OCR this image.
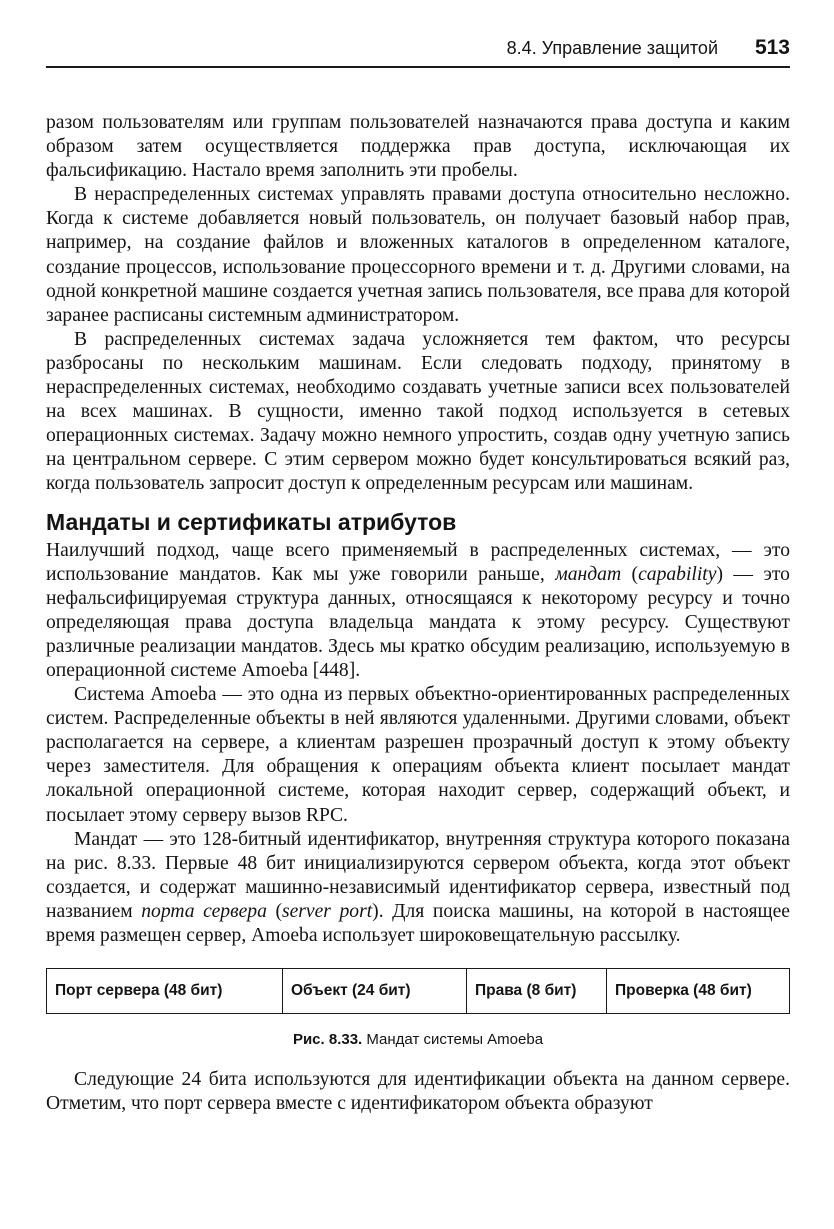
8.4. Управление защитой 513

разом пользователям или группам пользователей назначаются права доступа и каким образом затем осуществляется поддержка прав доступа, исключающая их фальсификацию. Настало время заполнить эти пробелы.

В нераспределенных системах управлять правами доступа относительно несложно. Когда к системе добавляется новый пользователь, он получает базовый набор прав, например, на создание файлов и вложенных каталогов в определенном каталоге, создание процессов, использование процессорного времени и т. д. Другими словами, на одной конкретной машине создается учетная запись пользователя, все права для которой заранее расписаны системным администратором.

В распределенных системах задача усложняется тем фактом, что ресурсы разбросаны по нескольким машинам. Если следовать подходу, принятому в нераспределенных системах, необходимо создавать учетные записи всех пользователей на всех машинах. В сущности, именно такой подход используется в сетевых операционных системах. Задачу можно немного упростить, создав одну учетную запись на центральном сервере. С этим сервером можно будет консультироваться всякий раз, когда пользователь запросит доступ к определенным ресурсам или машинам.

Мандаты и сертификаты атрибутов

Наилучший подход, чаще всего применяемый в распределенных системах, — это использование мандатов. Как мы уже говорили раньше, мандат (capability) — это нефальсифицируемая структура данных, относящаяся к некоторому ресурсу и точно определяющая права доступа владельца мандата к этому ресурсу. Существуют различные реализации мандатов. Здесь мы кратко обсудим реализацию, используемую в операционной системе Amoeba [448].

Система Amoeba — это одна из первых объектно-ориентированных распределенных систем. Распределенные объекты в ней являются удаленными. Другими словами, объект располагается на сервере, а клиентам разрешен прозрачный доступ к этому объекту через заместителя. Для обращения к операциям объекта клиент посылает мандат локальной операционной системе, которая находит сервер, содержащий объект, и посылает этому серверу вызов RPC.

Мандат — это 128-битный идентификатор, внутренняя структура которого показана на рис. 8.33. Первые 48 бит инициализируются сервером объекта, когда этот объект создается, и содержат машинно-независимый идентификатор сервера, известный под названием порта сервера (server port). Для поиска машины, на которой в настоящее время размещен сервер, Amoeba использует широковещательную рассылку.

Порт сервера (48 бит)	Объект (24 бит)	Права (8 бит)	Проверка (48 бит)
Рис. 8.33. Мандат системы Amoeba

Следующие 24 бита используются для идентификации объекта на данном сервере. Отметим, что порт сервера вместе с идентификатором объекта образуют
